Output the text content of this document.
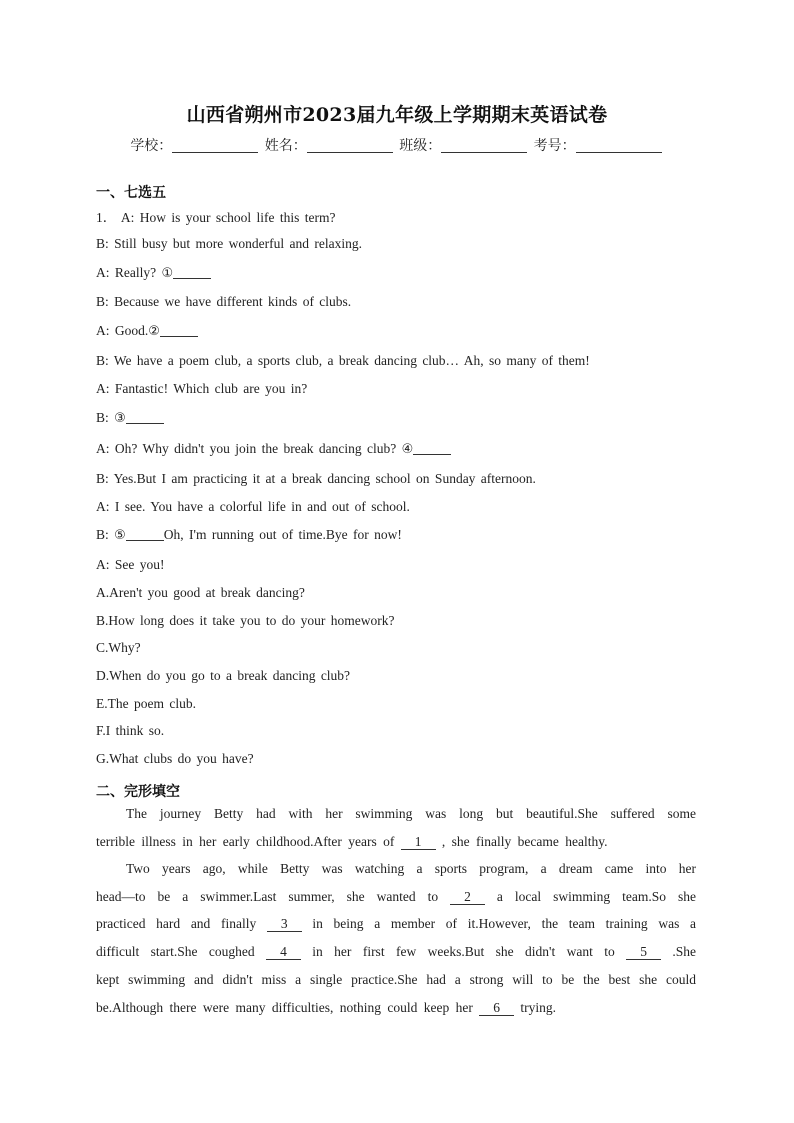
山西省朔州市2023届九年级上学期期末英语试卷
学校：	姓名：	班级：	考号：
一、七选五
1． A: How is your school life this term?
B: Still busy but more wonderful and relaxing.
A: Really? ①
B: Because we have different kinds of clubs.
A: Good.②
B: We have a poem club, a sports club, a break dancing club… Ah, so many of them!
A: Fantastic! Which club are you in?
B: ③
A: Oh? Why didn't you join the break dancing club? ④
B: Yes.But I am practicing it at a break dancing school on Sunday afternoon.
A: I see. You have a colorful life in and out of school.
B: ⑤	Oh, I'm running out of time.Bye for now!
A: See you!
A.Aren't you good at break dancing?
B.How long does it take you to do your homework?
C.Why?
D.When do you go to a break dancing club?
E.The poem club.
F.I think so.
G.What clubs do you have?
二、完形填空
The journey Betty had with her swimming was long but beautiful.She suffered some
terrible illness in her early childhood.After years of 1 , she finally became healthy.
Two years ago, while Betty was watching a sports program, a dream came into her
head—to be a swimmer.Last summer, she wanted to 2 a local swimming team.So she
practiced hard and finally 3 in being a member of it.However, the team training was a
difficult start.She coughed 4 in her first few weeks.But she didn't want to 5 .She
kept swimming and didn't miss a single practice.She had a strong will to be the best she could
be.Although there were many difficulties, nothing could keep her 6 trying.
